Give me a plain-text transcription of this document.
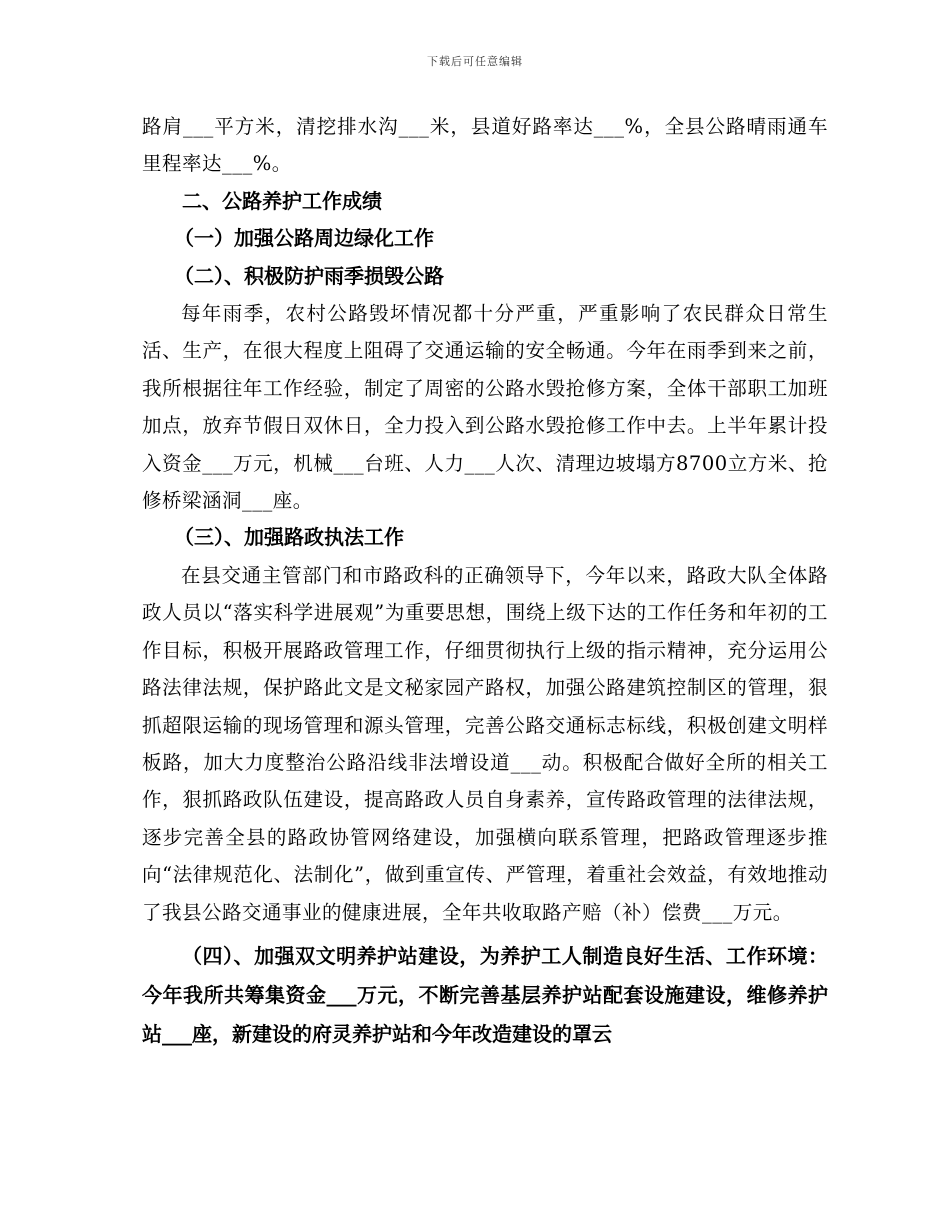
下载后可任意编辑

路肩___平方米，清挖排水沟___米，县道好路率达___%，全县公路晴雨通车里程率达___%。

二、公路养护工作成绩

（一）加强公路周边绿化工作

（二）、积极防护雨季损毁公路

每年雨季，农村公路毁坏情况都十分严重，严重影响了农民群众日常生活、生产，在很大程度上阻碍了交通运输的安全畅通。今年在雨季到来之前，我所根据往年工作经验，制定了周密的公路水毁抢修方案，全体干部职工加班加点，放弃节假日双休日，全力投入到公路水毁抢修工作中去。上半年累计投入资金___万元，机械___台班、人力___人次、清理边坡塌方8700立方米、抢修桥梁涵洞___座。

（三）、加强路政执法工作

在县交通主管部门和市路政科的正确领导下，今年以来，路政大队全体路政人员以“落实科学进展观”为重要思想，围绕上级下达的工作任务和年初的工作目标，积极开展路政管理工作，仔细贯彻执行上级的指示精神，充分运用公路法律法规，保护路此文是文秘家园产路权，加强公路建筑控制区的管理，狠抓超限运输的现场管理和源头管理，完善公路交通标志标线，积极创建文明样板路，加大力度整治公路沿线非法增设道___动。积极配合做好全所的相关工作，狠抓路政队伍建设，提高路政人员自身素养，宣传路政管理的法律法规，逐步完善全县的路政协管网络建设，加强横向联系管理，把路政管理逐步推向“法律规范化、法制化”，做到重宣传、严管理，着重社会效益，有效地推动了我县公路交通事业的健康进展，全年共收取路产赔（补）偿费___万元。

（四）、加强双文明养护站建设，为养护工人制造良好生活、工作环境：今年我所共筹集资金___万元，不断完善基层养护站配套设施建设，维修养护站___座，新建设的府灵养护站和今年改造建设的罩云
